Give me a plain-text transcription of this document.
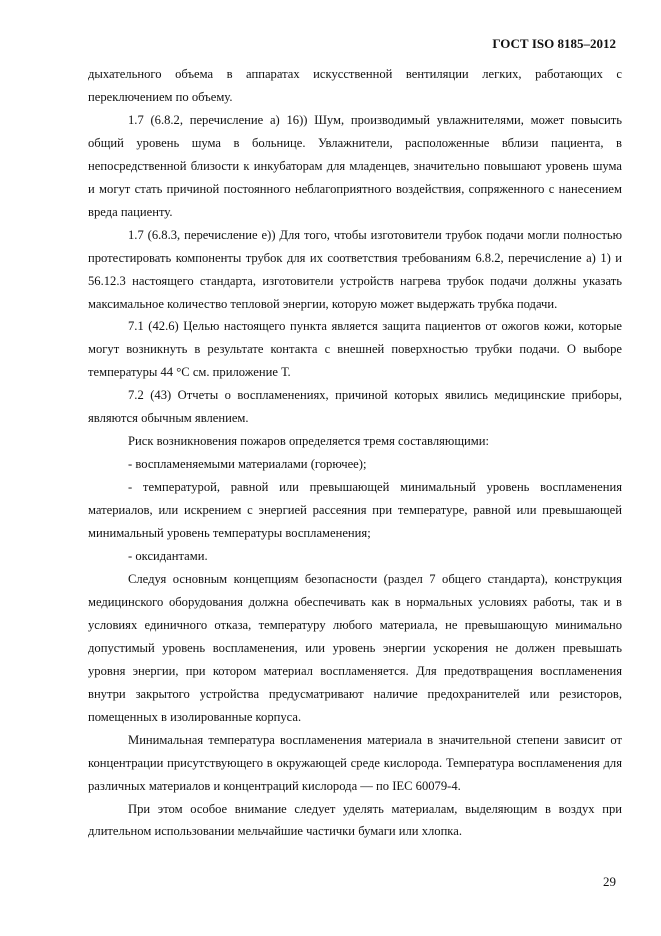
ГОСТ ISO 8185–2012

дыхательного объема в аппаратах искусственной вентиляции легких, работающих с переключением по объему.

1.7 (6.8.2, перечисление а) 16)) Шум, производимый увлажнителями, может повысить общий уровень шума в больнице. Увлажнители, расположенные вблизи пациента, в непосредственной близости к инкубаторам для младенцев, значительно повышают уровень шума и могут стать причиной постоянного неблагоприятного воздействия, сопряженного с нанесением вреда пациенту.

1.7 (6.8.3, перечисление е)) Для того, чтобы изготовители трубок подачи могли полностью протестировать компоненты трубок для их соответствия требованиям 6.8.2, перечисление а) 1) и 56.12.3 настоящего стандарта, изготовители устройств нагрева трубок подачи должны указать максимальное количество тепловой энергии, которую может выдержать трубка подачи.

7.1 (42.6) Целью настоящего пункта является защита пациентов от ожогов кожи, которые могут возникнуть в результате контакта с внешней поверхностью трубки подачи. О выборе температуры 44 °С см. приложение Т.

7.2 (43) Отчеты о воспламенениях, причиной которых явились медицинские приборы, являются обычным явлением.

Риск возникновения пожаров определяется тремя составляющими:

- воспламеняемыми материалами (горючее);

- температурой, равной или превышающей минимальный уровень воспламенения материалов, или искрением с энергией рассеяния при температуре, равной или превышающей минимальный уровень температуры воспламенения;

- оксидантами.

Следуя основным концепциям безопасности (раздел 7 общего стандарта), конструкция медицинского оборудования должна обеспечивать как в нормальных условиях работы, так и в условиях единичного отказа, температуру любого материала, не превышающую минимально допустимый уровень воспламенения, или уровень энергии ускорения не должен превышать уровня энергии, при котором материал воспламеняется. Для предотвращения воспламенения внутри закрытого устройства предусматривают наличие предохранителей или резисторов, помещенных в изолированные корпуса.

Минимальная температура воспламенения материала в значительной степени зависит от концентрации присутствующего в окружающей среде кислорода. Температура воспламенения для различных материалов и концентраций кислорода — по IEC 60079-4.

При этом особое внимание следует уделять материалам, выделяющим в воздух при длительном использовании мельчайшие частички бумаги или хлопка.

29
